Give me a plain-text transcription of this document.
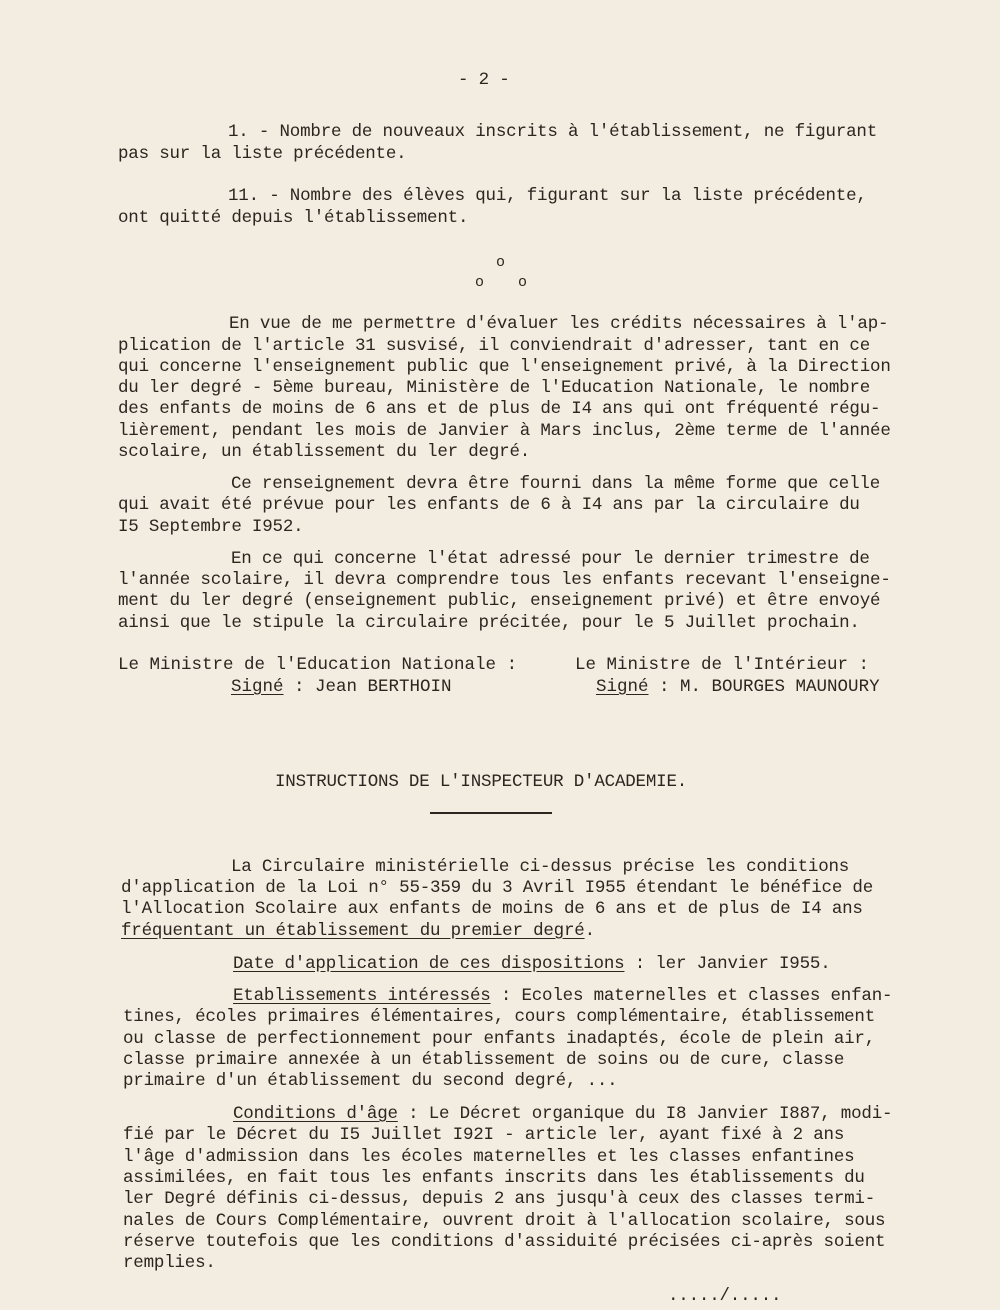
- 2 -
1. - Nombre de nouveaux inscrits à l'établissement, ne figurant
pas sur la liste précédente.
11. - Nombre des élèves qui, figurant sur la liste précédente,
ont quitté depuis l'établissement.
o
o o
En vue de me permettre d'évaluer les crédits nécessaires à l'ap-
plication de l'article 31 susvisé, il conviendrait d'adresser, tant en ce
qui concerne l'enseignement public que l'enseignement privé, à la Direction
du ler degré - 5ème bureau, Ministère de l'Education Nationale, le nombre
des enfants de moins de 6 ans et de plus de I4 ans qui ont fréquenté régu-
lièrement, pendant les mois de Janvier à Mars inclus, 2ème terme de l'année
scolaire, un établissement du ler degré.
Ce renseignement devra être fourni dans la même forme que celle
qui avait été prévue pour les enfants de 6 à I4 ans par la circulaire du
I5 Septembre I952.
En ce qui concerne l'état adressé pour le dernier trimestre de
l'année scolaire, il devra comprendre tous les enfants recevant l'enseigne-
ment du ler degré (enseignement public, enseignement privé) et être envoyé
ainsi que le stipule la circulaire précitée, pour le 5 Juillet prochain.
Le Ministre de l'Education Nationale :
Signé : Jean BERTHOIN
Le Ministre de l'Intérieur :
Signé : M. BOURGES MAUNOURY
INSTRUCTIONS DE L'INSPECTEUR D'ACADEMIE.
La Circulaire ministérielle ci-dessus précise les conditions
d'application de la Loi n° 55-359 du 3 Avril I955 étendant le bénéfice de
l'Allocation Scolaire aux enfants de moins de 6 ans et de plus de I4 ans
fréquentant un établissement du premier degré.
Date d'application de ces dispositions : ler Janvier I955.
Etablissements intéressés : Ecoles maternelles et classes enfan-
tines, écoles primaires élémentaires, cours complémentaire, établissement
ou classe de perfectionnement pour enfants inadaptés, école de plein air,
classe primaire annexée à un établissement de soins ou de cure, classe
primaire d'un établissement du second degré, ...
Conditions d'âge : Le Décret organique du I8 Janvier I887, modi-
fié par le Décret du I5 Juillet I92I - article ler, ayant fixé à 2 ans
l'âge d'admission dans les écoles maternelles et les classes enfantines
assimilées, en fait tous les enfants inscrits dans les établissements du
ler Degré définis ci-dessus, depuis 2 ans jusqu'à ceux des classes termi-
nales de Cours Complémentaire, ouvrent droit à l'allocation scolaire, sous
réserve toutefois que les conditions d'assiduité précisées ci-après soient
remplies.
...../.....
